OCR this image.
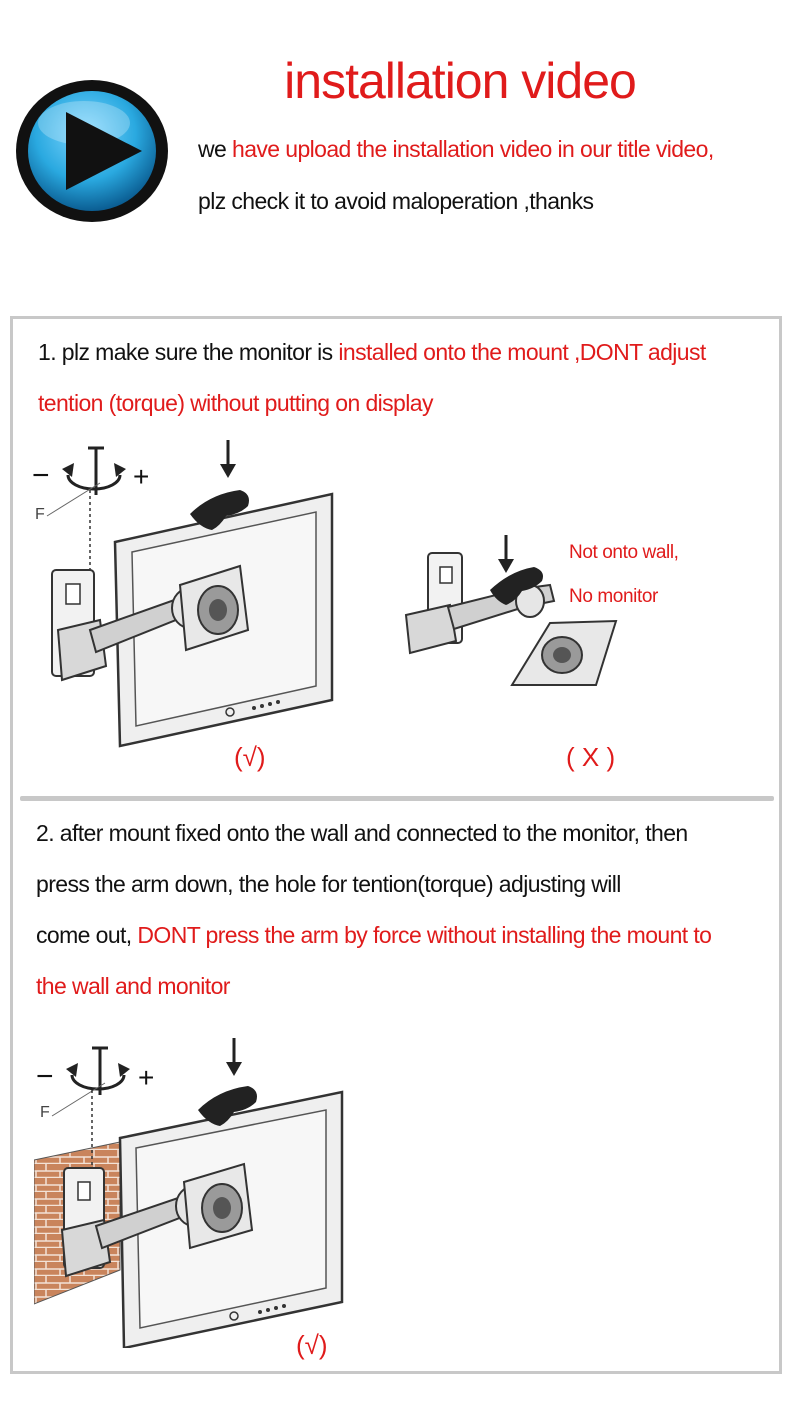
installation video
we have upload the installation video in our title video,
plz check it to avoid maloperation ,thanks
1. plz make sure the monitor is installed onto the mount ,DONT adjust
tention (torque) without putting on display
−	+
F
(√)
Not onto wall,
No monitor
( X )
2. after mount fixed onto the wall and connected to the monitor, then
press the arm down, the hole for tention(torque) adjusting will
come out, DONT press the arm by force without installing the mount to
the wall and monitor
−	+
F
(√)
